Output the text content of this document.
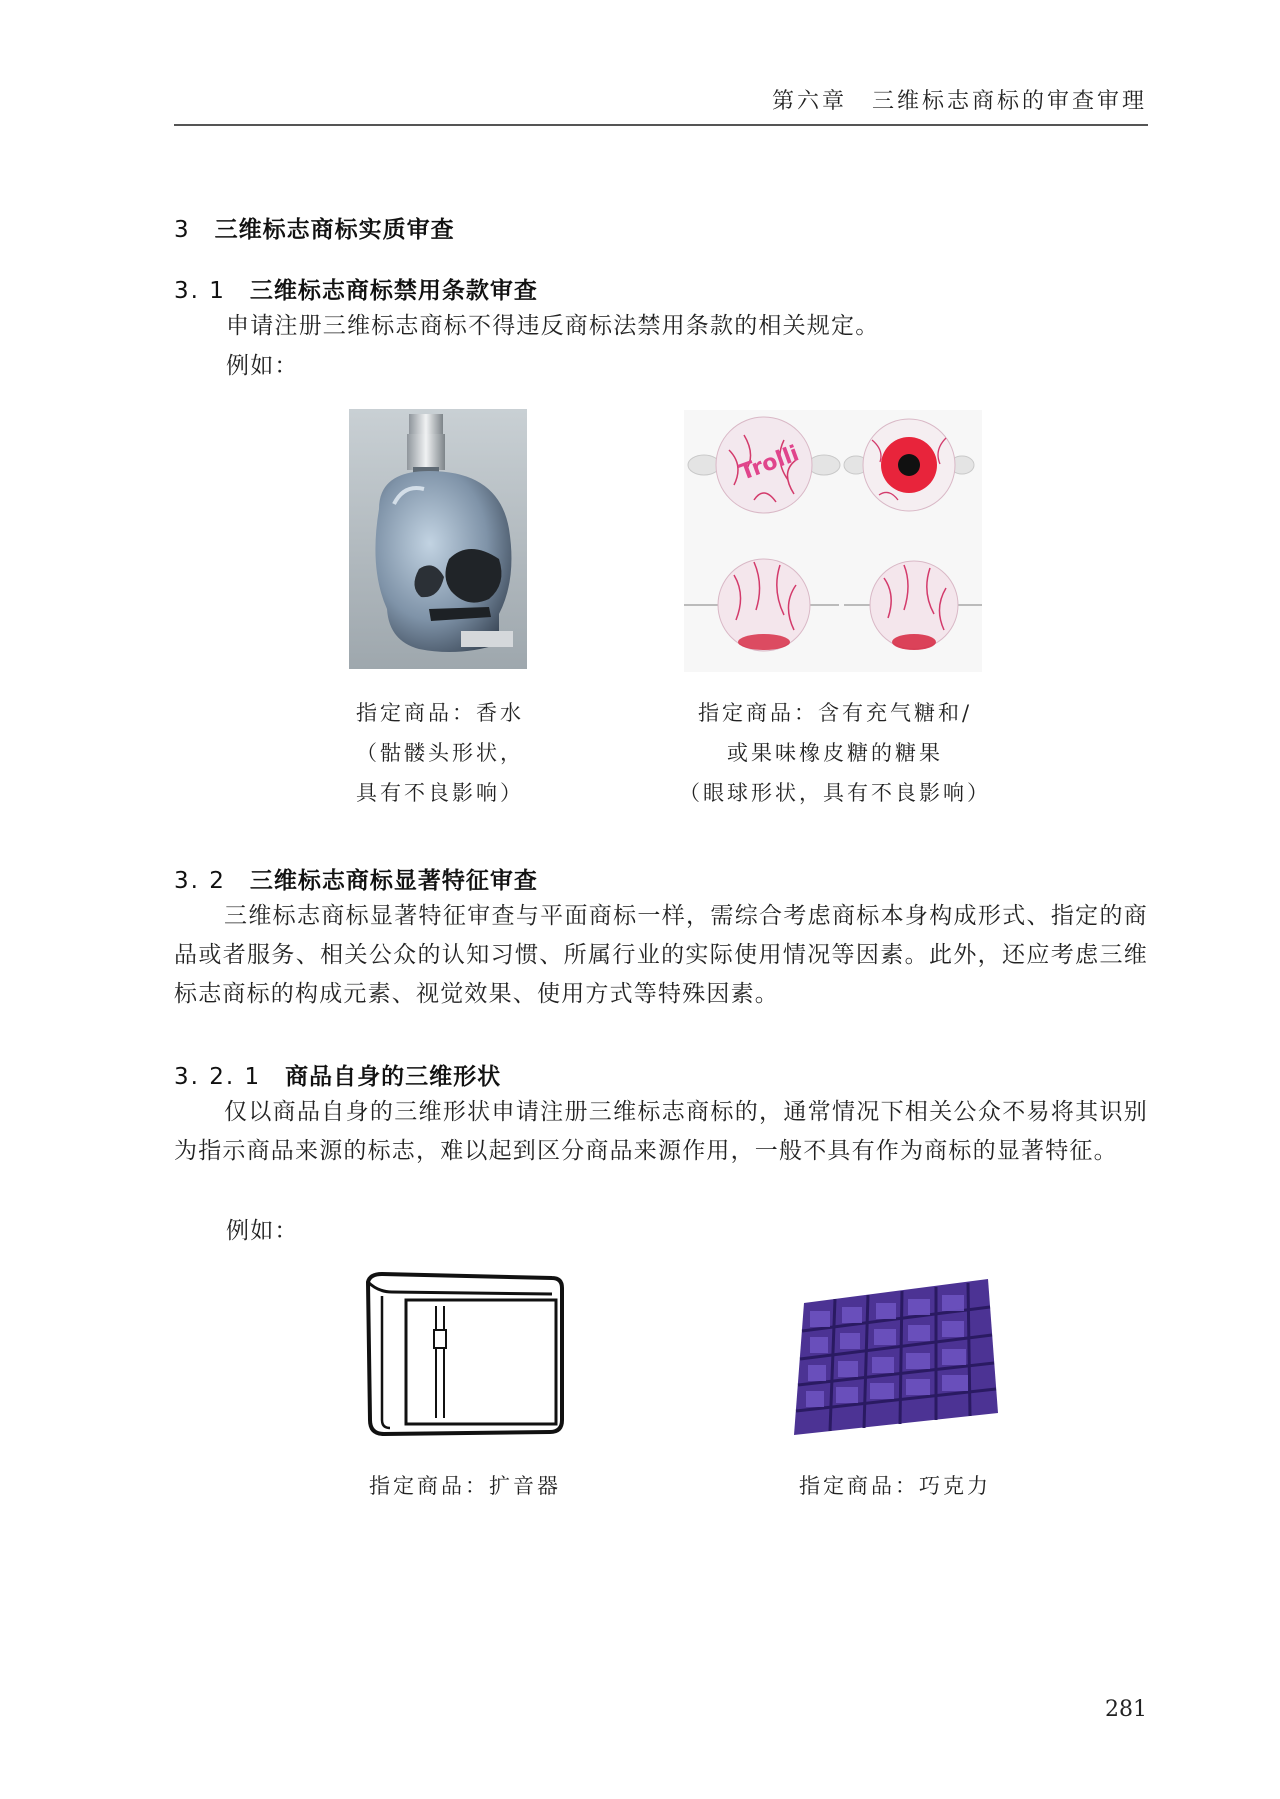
第六章　三维标志商标的审查审理
3 三维标志商标实质审查
3. 1 三维标志商标禁用条款审查
申请注册三维标志商标不得违反商标法禁用条款的相关规定。
例如：
Trolli
指定商品：香水
（骷髅头形状，
具有不良影响）
指定商品：含有充气糖和/
或果味橡皮糖的糖果
（眼球形状，具有不良影响）
3. 2 三维标志商标显著特征审查
三维标志商标显著特征审查与平面商标一样，需综合考虑商标本身构成形式、指定的商品或者服务、相关公众的认知习惯、所属行业的实际使用情况等因素。此外，还应考虑三维标志商标的构成元素、视觉效果、使用方式等特殊因素。
3. 2. 1 商品自身的三维形状
仅以商品自身的三维形状申请注册三维标志商标的，通常情况下相关公众不易将其识别为指示商品来源的标志，难以起到区分商品来源作用，一般不具有作为商标的显著特征。
例如：
指定商品：扩音器	指定商品：巧克力
281
